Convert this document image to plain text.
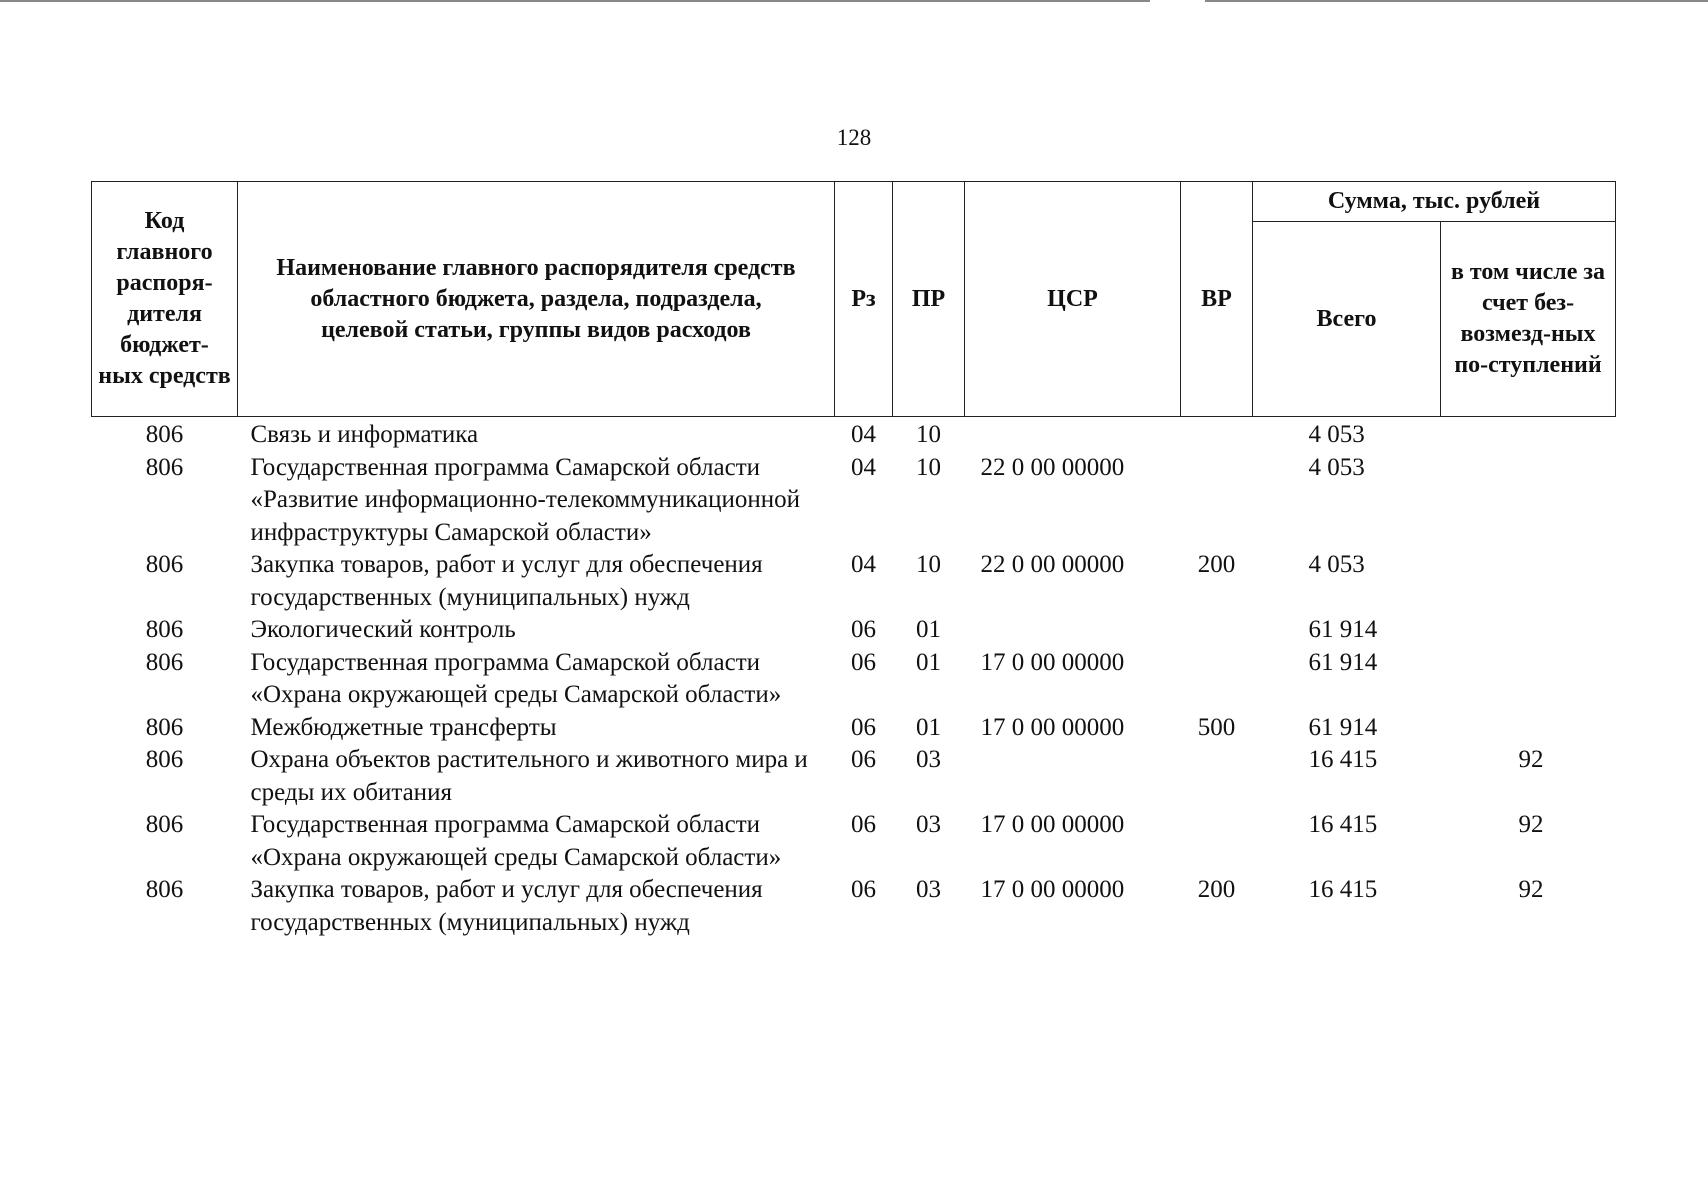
128
Код главного распоря-дителя бюджет-ных средств	Наименование главного распорядителя средств областного бюджета, раздела, подраздела, целевой статьи, группы видов расходов	Рз	ПР	ЦСР	ВР	Сумма, тыс. рублей	
						Всего	в том числе за счет без-возмезд-ных по-ступлений
806	Связь и информатика	04	10			4 053	
806	Государственная программа Самарской области «Развитие информационно-телекоммуникационной инфраструктуры Самарской области»	04	10	22 0 00 00000		4 053	
806	Закупка товаров, работ и услуг для обеспечения государственных (муниципальных) нужд	04	10	22 0 00 00000	200	4 053	
806	Экологический контроль	06	01			61 914	
806	Государственная программа Самарской области «Охрана окружающей среды Самарской области»	06	01	17 0 00 00000		61 914	
806	Межбюджетные трансферты	06	01	17 0 00 00000	500	61 914	
806	Охрана объектов растительного и животного мира и среды их обитания	06	03			16 415	92
806	Государственная программа Самарской области «Охрана окружающей среды Самарской области»	06	03	17 0 00 00000		16 415	92
806	Закупка товаров, работ и услуг для обеспечения государственных (муниципальных) нужд	06	03	17 0 00 00000	200	16 415	92
